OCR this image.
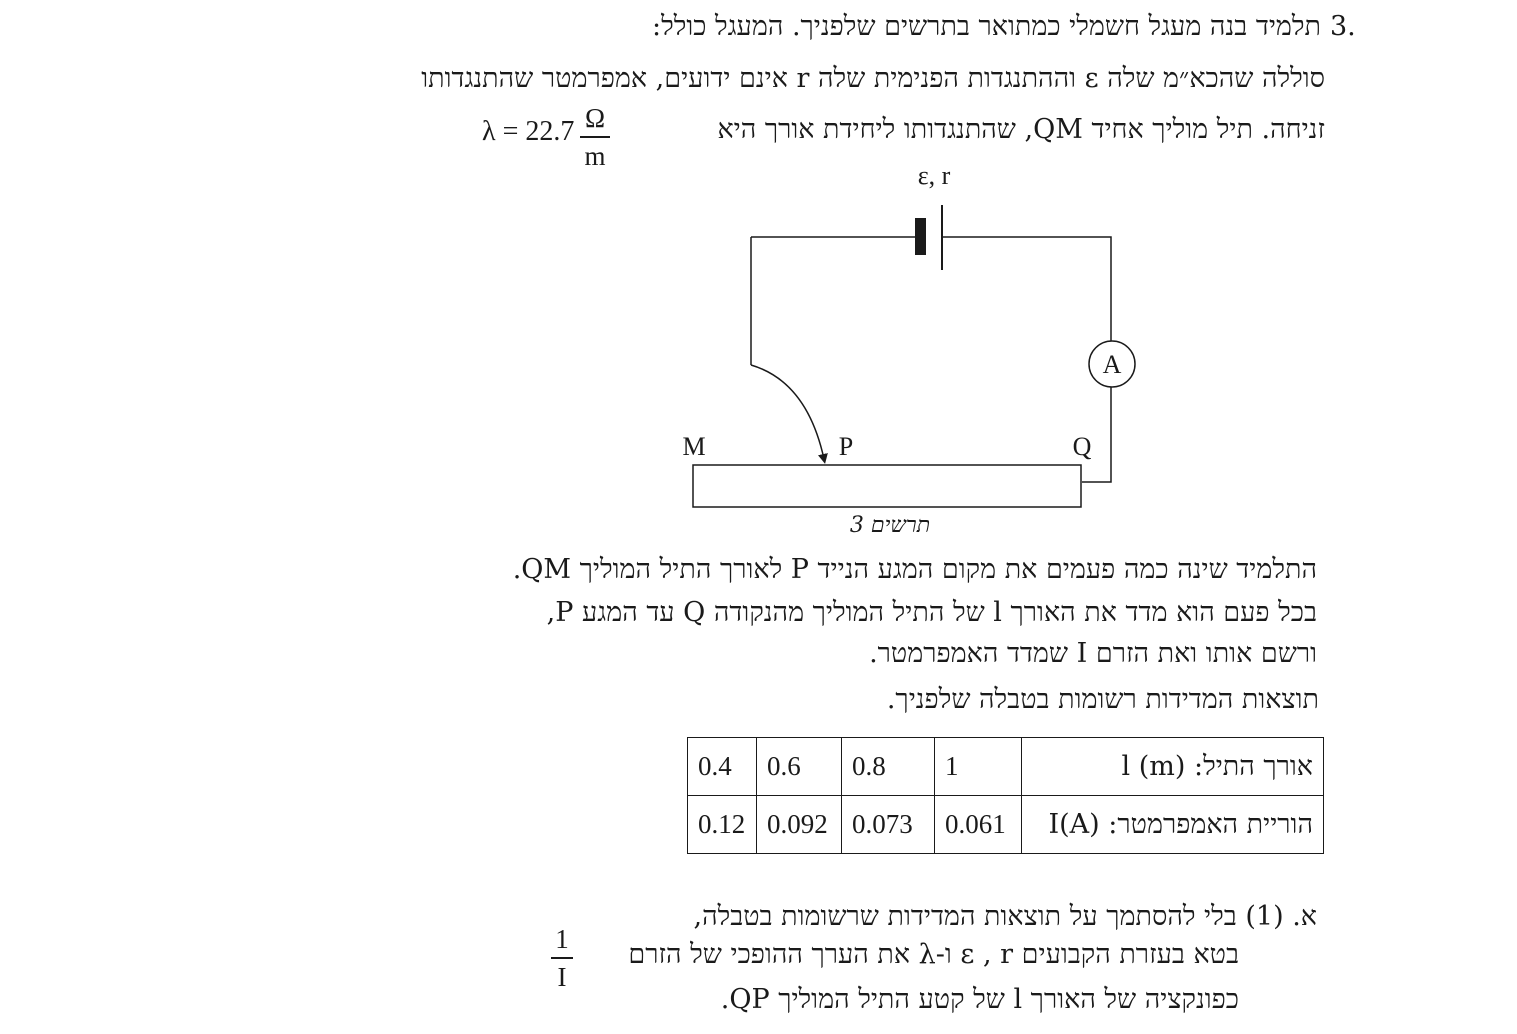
3.
תלמיד בנה מעגל חשמלי כמתואר בתרשים שלפניך. המעגל כולל:
סוללה שהכא״מ שלה ε וההתנגדות הפנימית שלה r אינם ידועים, אמפרמטר שהתנגדותו
זניחה. תיל מוליך אחיד QM, שהתנגדותו ליחידת אורך היא
λ = 22.7 Ω
m
ε, r
A
M	P	Q
תרשים 3
התלמיד שינה כמה פעמים את מקום המגע הנייד P לאורך התיל המוליך QM.
בכל פעם הוא מדד את האורך l של התיל המוליך מהנקודה Q עד המגע P,
ורשם אותו ואת הזרם I שמדד האמפרמטר.
תוצאות המדידות רשומות בטבלה שלפניך.
0.4	0.6	0.8	1	אורך התיל: l (m)
0.12	0.092	0.073	0.061	הוריית האמפרמטר: I(A)
א. (1) בלי להסתמך על תוצאות המדידות שרשומות בטבלה,
בטא בעזרת הקבועים ε , r ו-λ את הערך ההופכי של הזרם
1
I
כפונקציה של האורך l של קטע התיל המוליך QP.
